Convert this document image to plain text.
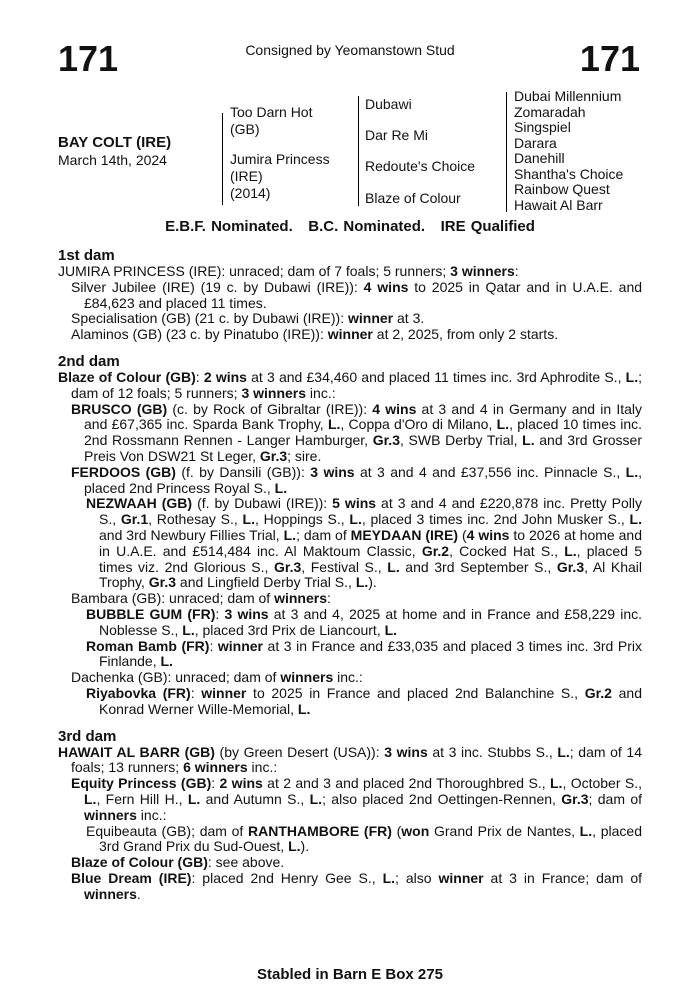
171	Consigned by Yeomanstown Stud	171
BAY COLT (IRE)
March 14th, 2024
Too Darn Hot
(GB)
Jumira Princess
(IRE)
(2014)
Dubawi
Dar Re Mi
Redoute's Choice
Blaze of Colour
Dubai Millennium
Zomaradah
Singspiel
Darara
Danehill
Shantha's Choice
Rainbow Quest
Hawait Al Barr
E.B.F. Nominated.   B.C. Nominated.   IRE Qualified
1st dam
JUMIRA PRINCESS (IRE): unraced; dam of 7 foals; 5 runners; 3 winners:
Silver Jubilee (IRE) (19 c. by Dubawi (IRE)): 4 wins to 2025 in Qatar and in U.A.E. and £84,623 and placed 11 times.
Specialisation (GB) (21 c. by Dubawi (IRE)): winner at 3.
Alaminos (GB) (23 c. by Pinatubo (IRE)): winner at 2, 2025, from only 2 starts.
2nd dam
Blaze of Colour (GB): 2 wins at 3 and £34,460 and placed 11 times inc. 3rd Aphrodite S., L.; dam of 12 foals; 5 runners; 3 winners inc.:
BRUSCO (GB) (c. by Rock of Gibraltar (IRE)): 4 wins at 3 and 4 in Germany and in Italy and £67,365 inc. Sparda Bank Trophy, L., Coppa d'Oro di Milano, L., placed 10 times inc. 2nd Rossmann Rennen - Langer Hamburger, Gr.3, SWB Derby Trial, L. and 3rd Grosser Preis Von DSW21 St Leger, Gr.3; sire.
FERDOOS (GB) (f. by Dansili (GB)): 3 wins at 3 and 4 and £37,556 inc. Pinnacle S., L., placed 2nd Princess Royal S., L.
NEZWAAH (GB) (f. by Dubawi (IRE)): 5 wins at 3 and 4 and £220,878 inc. Pretty Polly S., Gr.1, Rothesay S., L., Hoppings S., L., placed 3 times inc. 2nd John Musker S., L. and 3rd Newbury Fillies Trial, L.; dam of MEYDAAN (IRE) (4 wins to 2026 at home and in U.A.E. and £514,484 inc. Al Maktoum Classic, Gr.2, Cocked Hat S., L., placed 5 times viz. 2nd Glorious S., Gr.3, Festival S., L. and 3rd September S., Gr.3, Al Khail Trophy, Gr.3 and Lingfield Derby Trial S., L.).
Bambara (GB): unraced; dam of winners:
BUBBLE GUM (FR): 3 wins at 3 and 4, 2025 at home and in France and £58,229 inc. Noblesse S., L., placed 3rd Prix de Liancourt, L.
Roman Bamb (FR): winner at 3 in France and £33,035 and placed 3 times inc. 3rd Prix Finlande, L.
Dachenka (GB): unraced; dam of winners inc.:
Riyabovka (FR): winner to 2025 in France and placed 2nd Balanchine S., Gr.2 and Konrad Werner Wille-Memorial, L.
3rd dam
HAWAIT AL BARR (GB) (by Green Desert (USA)): 3 wins at 3 inc. Stubbs S., L.; dam of 14 foals; 13 runners; 6 winners inc.:
Equity Princess (GB): 2 wins at 2 and 3 and placed 2nd Thoroughbred S., L., October S., L., Fern Hill H., L. and Autumn S., L.; also placed 2nd Oettingen-Rennen, Gr.3; dam of winners inc.:
Equibeauta (GB); dam of RANTHAMBORE (FR) (won Grand Prix de Nantes, L., placed 3rd Grand Prix du Sud-Ouest, L.).
Blaze of Colour (GB): see above.
Blue Dream (IRE): placed 2nd Henry Gee S., L.; also winner at 3 in France; dam of winners.
Stabled in Barn E Box 275
